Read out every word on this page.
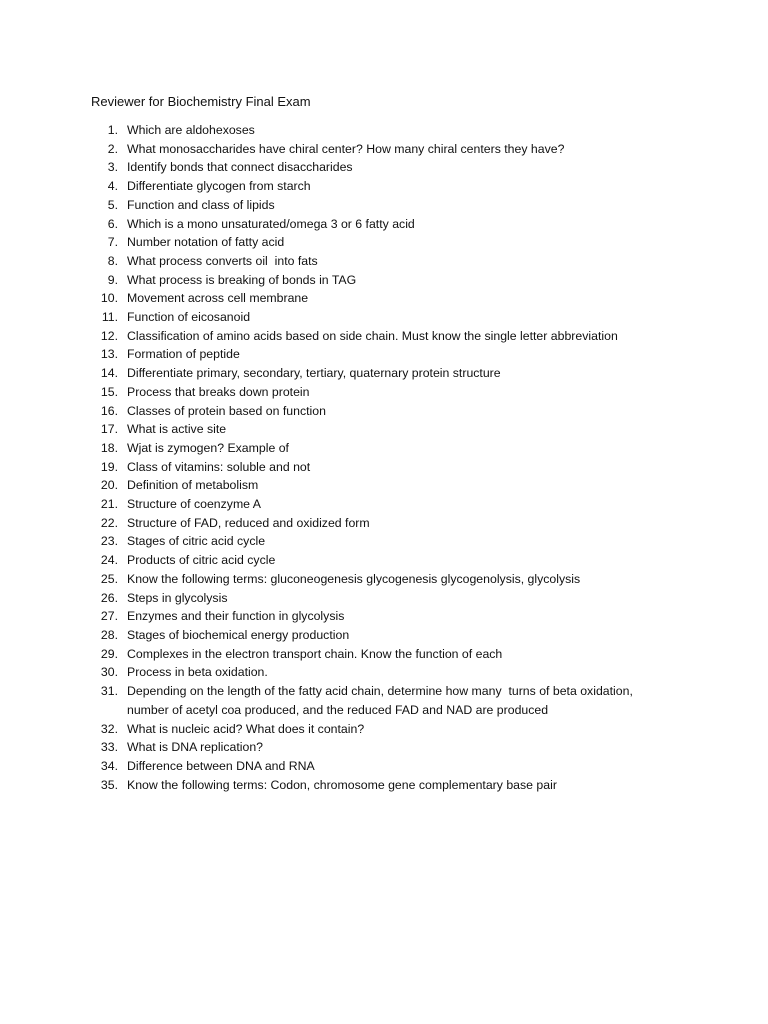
Reviewer for Biochemistry Final Exam
1. Which are aldohexoses
2. What monosaccharides have chiral center? How many chiral centers they have?
3. Identify bonds that connect disaccharides
4. Differentiate glycogen from starch
5. Function and class of lipids
6. Which is a mono unsaturated/omega 3 or 6 fatty acid
7. Number notation of fatty acid
8. What process converts oil  into fats
9. What process is breaking of bonds in TAG
10. Movement across cell membrane
11. Function of eicosanoid
12. Classification of amino acids based on side chain. Must know the single letter abbreviation
13. Formation of peptide
14. Differentiate primary, secondary, tertiary, quaternary protein structure
15. Process that breaks down protein
16. Classes of protein based on function
17. What is active site
18. Wjat is zymogen? Example of
19. Class of vitamins: soluble and not
20. Definition of metabolism
21. Structure of coenzyme A
22. Structure of FAD, reduced and oxidized form
23. Stages of citric acid cycle
24. Products of citric acid cycle
25. Know the following terms: gluconeogenesis glycogenesis glycogenolysis, glycolysis
26. Steps in glycolysis
27. Enzymes and their function in glycolysis
28. Stages of biochemical energy production
29. Complexes in the electron transport chain. Know the function of each
30. Process in beta oxidation.
31. Depending on the length of the fatty acid chain, determine how many  turns of beta oxidation, number of acetyl coa produced, and the reduced FAD and NAD are produced
32. What is nucleic acid? What does it contain?
33. What is DNA replication?
34. Difference between DNA and RNA
35. Know the following terms: Codon, chromosome gene complementary base pair
